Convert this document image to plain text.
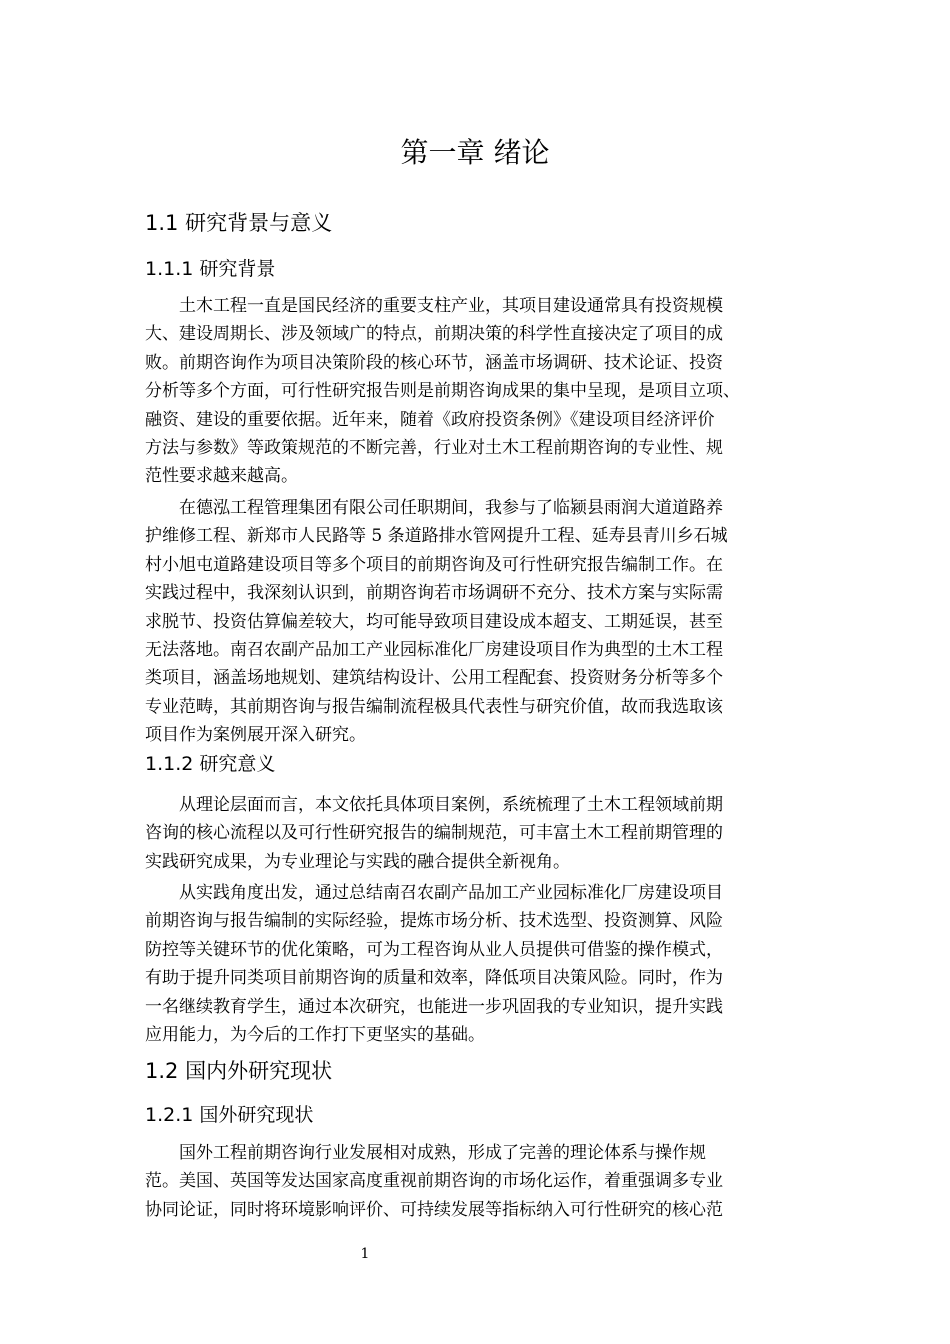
第一章 绪论
1.1 研究背景与意义
1.1.1 研究背景
　　土木工程一直是国民经济的重要支柱产业，其项目建设通常具有投资规模
大、建设周期长、涉及领域广的特点，前期决策的科学性直接决定了项目的成
败。前期咨询作为项目决策阶段的核心环节，涵盖市场调研、技术论证、投资
分析等多个方面，可行性研究报告则是前期咨询成果的集中呈现，是项目立项、
融资、建设的重要依据。近年来，随着《政府投资条例》《建设项目经济评价
方法与参数》等政策规范的不断完善，行业对土木工程前期咨询的专业性、规
范性要求越来越高。
　　在德泓工程管理集团有限公司任职期间，我参与了临颍县雨润大道道路养
护维修工程、新郑市人民路等 5 条道路排水管网提升工程、延寿县青川乡石城
村小旭屯道路建设项目等多个项目的前期咨询及可行性研究报告编制工作。在
实践过程中，我深刻认识到，前期咨询若市场调研不充分、技术方案与实际需
求脱节、投资估算偏差较大，均可能导致项目建设成本超支、工期延误，甚至
无法落地。南召农副产品加工产业园标准化厂房建设项目作为典型的土木工程
类项目，涵盖场地规划、建筑结构设计、公用工程配套、投资财务分析等多个
专业范畴，其前期咨询与报告编制流程极具代表性与研究价值，故而我选取该
项目作为案例展开深入研究。
1.1.2 研究意义
　　从理论层面而言，本文依托具体项目案例，系统梳理了土木工程领域前期
咨询的核心流程以及可行性研究报告的编制规范，可丰富土木工程前期管理的
实践研究成果，为专业理论与实践的融合提供全新视角。
　　从实践角度出发，通过总结南召农副产品加工产业园标准化厂房建设项目
前期咨询与报告编制的实际经验，提炼市场分析、技术选型、投资测算、风险
防控等关键环节的优化策略，可为工程咨询从业人员提供可借鉴的操作模式，
有助于提升同类项目前期咨询的质量和效率，降低项目决策风险。同时，作为
一名继续教育学生，通过本次研究，也能进一步巩固我的专业知识，提升实践
应用能力，为今后的工作打下更坚实的基础。
1.2 国内外研究现状
1.2.1 国外研究现状
　　国外工程前期咨询行业发展相对成熟，形成了完善的理论体系与操作规
范。美国、英国等发达国家高度重视前期咨询的市场化运作，着重强调多专业
协同论证，同时将环境影响评价、可持续发展等指标纳入可行性研究的核心范
1
